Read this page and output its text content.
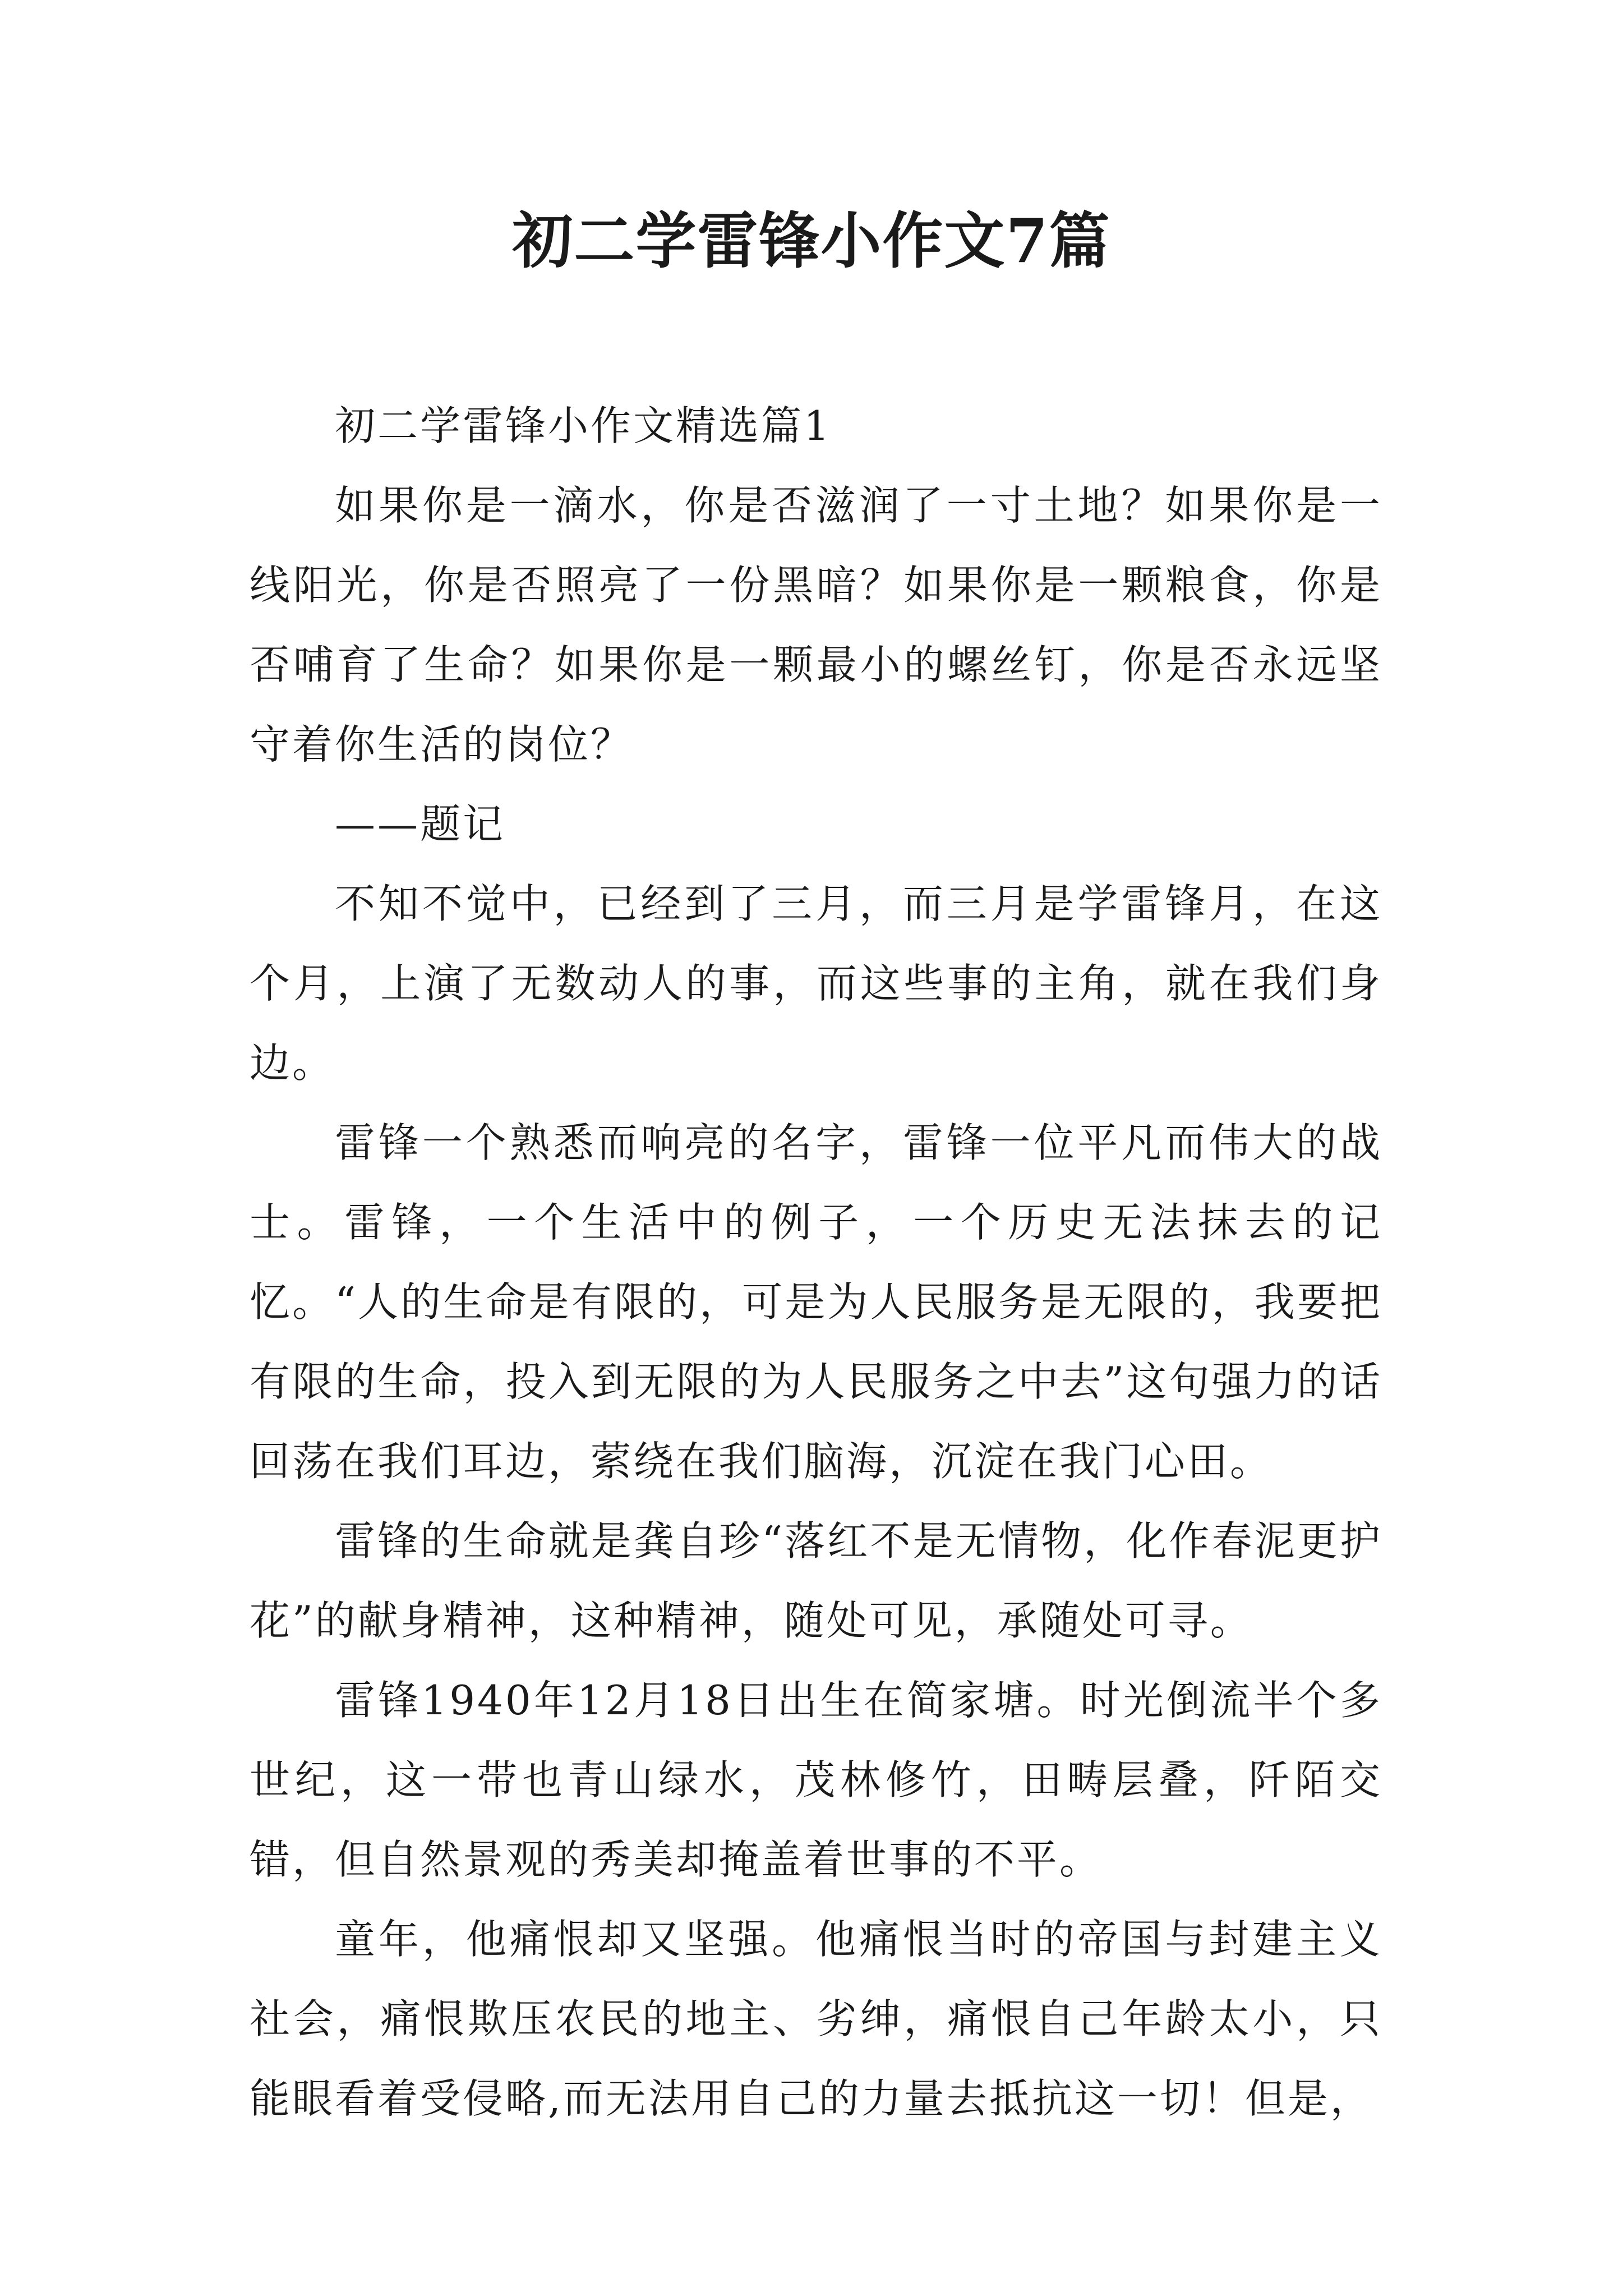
初二学雷锋小作文7篇

初二学雷锋小作文精选篇1

如果你是一滴水，你是否滋润了一寸土地？如果你是一线阳光，你是否照亮了一份黑暗？如果你是一颗粮食，你是否哺育了生命？如果你是一颗最小的螺丝钉，你是否永远坚守着你生活的岗位？

——题记

不知不觉中，已经到了三月，而三月是学雷锋月，在这个月，上演了无数动人的事，而这些事的主角，就在我们身边。

雷锋一个熟悉而响亮的名字，雷锋一位平凡而伟大的战士。雷锋，一个生活中的例子，一个历史无法抹去的记忆。“人的生命是有限的，可是为人民服务是无限的，我要把有限的生命，投入到无限的为人民服务之中去”这句强力的话回荡在我们耳边，萦绕在我们脑海，沉淀在我门心田。

雷锋的生命就是龚自珍“落红不是无情物，化作春泥更护花”的献身精神，这种精神，随处可见，承随处可寻。

雷锋1940年12月18日出生在简家塘。时光倒流半个多世纪，这一带也青山绿水，茂林修竹，田畴层叠，阡陌交错，但自然景观的秀美却掩盖着世事的不平。

童年，他痛恨却又坚强。他痛恨当时的帝国与封建主义社会，痛恨欺压农民的地主、劣绅，痛恨自己年龄太小，只能眼看着受侵略,而无法用自己的力量去抵抗这一切！但是，
